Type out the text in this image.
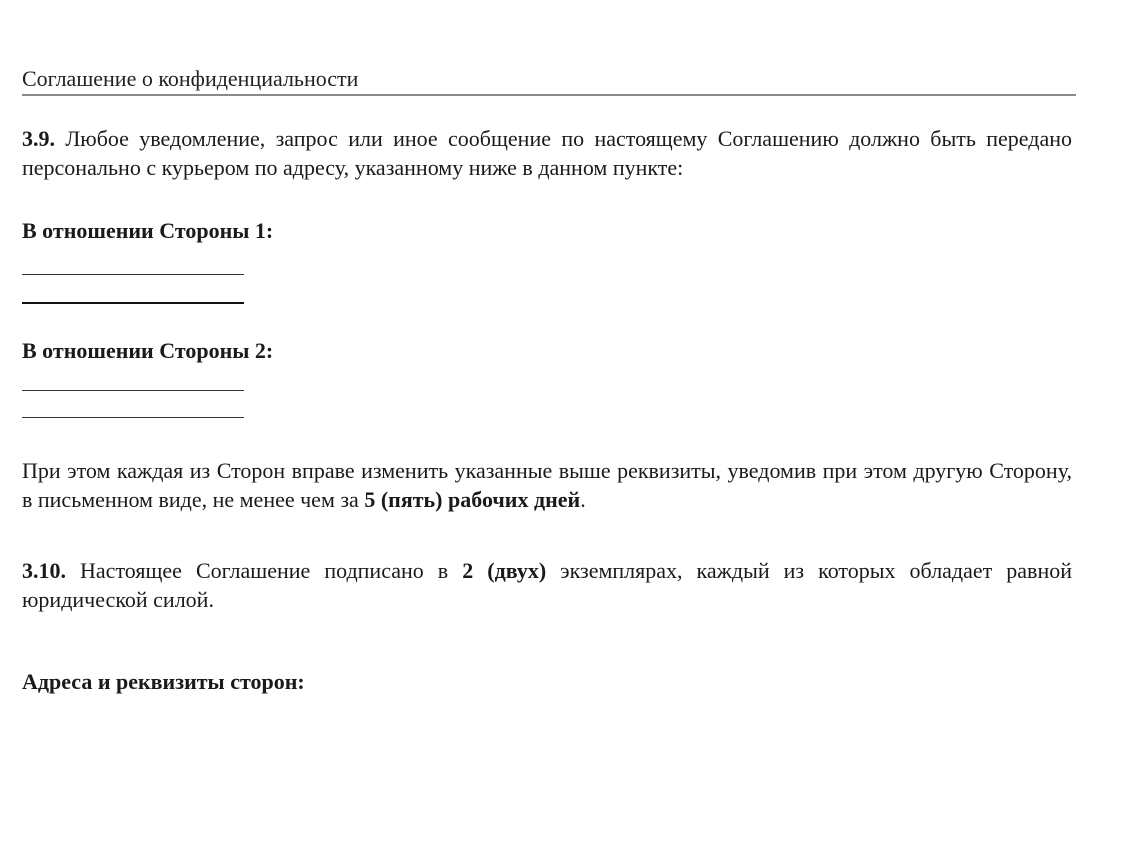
Соглашение о конфиденциальности
3.9. Любое уведомление, запрос или иное сообщение по настоящему Соглашению должно быть передано персонально с курьером по адресу, указанному ниже в данном пункте:
В отношении Стороны 1:
В отношении Стороны 2:
При этом каждая из Сторон вправе изменить указанные выше реквизиты, уведомив при этом другую Сторону, в письменном виде, не менее чем за 5 (пять) рабочих дней.
3.10. Настоящее Соглашение подписано в 2 (двух) экземплярах, каждый из которых обладает равной юридической силой.
Адреса и реквизиты сторон:
